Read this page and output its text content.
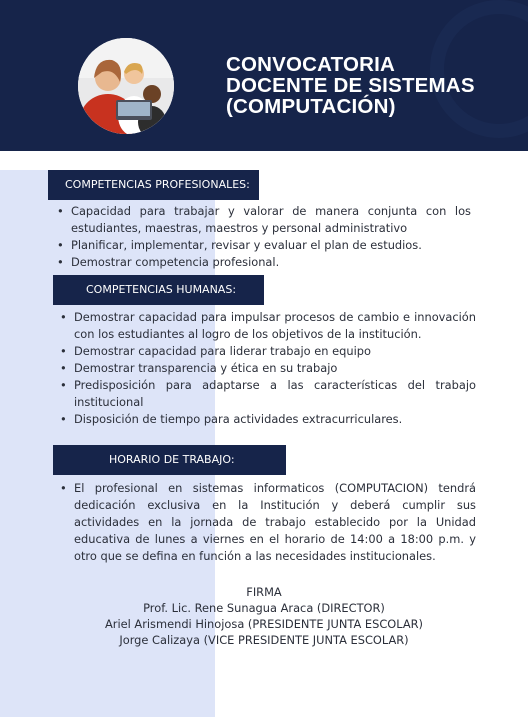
CONVOCATORIA
DOCENTE DE SISTEMAS
(COMPUTACIÓN)
COMPETENCIAS PROFESIONALES:
• Capacidad para trabajar y valorar de manera conjunta con los estudiantes, maestras, maestros y personal administrativo
• Planificar, implementar, revisar y evaluar el plan de estudios.
• Demostrar competencia profesional.
COMPETENCIAS HUMANAS:
• Demostrar capacidad para impulsar procesos de cambio e innovación con los estudiantes al logro de los objetivos de la institución.
• Demostrar capacidad para liderar trabajo en equipo
• Demostrar transparencia y ética en su trabajo
• Predisposición para adaptarse a las características del trabajo institucional
• Disposición de tiempo para actividades extracurriculares.
HORARIO DE TRABAJO:
• El profesional en sistemas informaticos (COMPUTACION) tendrá dedicación exclusiva en la Institución y deberá cumplir sus actividades en la jornada de trabajo establecido por la Unidad educativa de lunes a viernes en el horario de 14:00 a 18:00 p.m. y otro que se defina en función a las necesidades institucionales.
FIRMA
Prof. Lic. Rene Sunagua Araca (DIRECTOR)
Ariel Arismendi Hinojosa (PRESIDENTE JUNTA ESCOLAR)
Jorge Calizaya (VICE PRESIDENTE JUNTA ESCOLAR)
